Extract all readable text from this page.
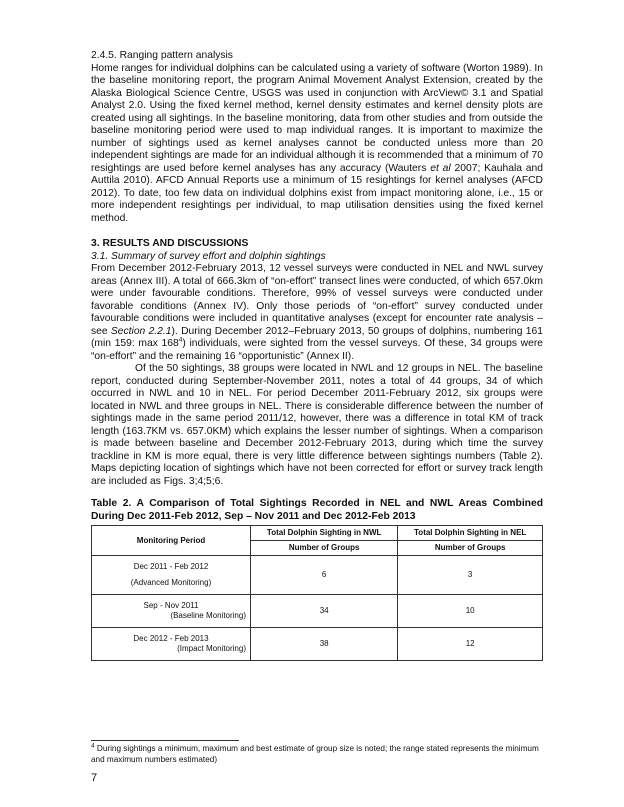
2.4.5. Ranging pattern analysis

Home ranges for individual dolphins can be calculated using a variety of software (Worton 1989). In the baseline monitoring report, the program Animal Movement Analyst Extension, created by the Alaska Biological Science Centre, USGS was used in conjunction with ArcView© 3.1 and Spatial Analyst 2.0. Using the fixed kernel method, kernel density estimates and kernel density plots are created using all sightings. In the baseline monitoring, data from other studies and from outside the baseline monitoring period were used to map individual ranges. It is important to maximize the number of sightings used as kernel analyses cannot be conducted unless more than 20 independent sightings are made for an individual although it is recommended that a minimum of 70 resightings are used before kernel analyses has any accuracy (Wauters et al 2007; Kauhala and Auttila 2010). AFCD Annual Reports use a minimum of 15 resightings for kernel analyses (AFCD 2012). To date, too few data on individual dolphins exist from impact monitoring alone, i.e., 15 or more independent resightings per individual, to map utilisation densities using the fixed kernel method.

3. RESULTS AND DISCUSSIONS

3.1. Summary of survey effort and dolphin sightings

From December 2012-February 2013, 12 vessel surveys were conducted in NEL and NWL survey areas (Annex III). A total of 666.3km of “on-effort” transect lines were conducted, of which 657.0km were under favourable conditions. Therefore, 99% of vessel surveys were conducted under favorable conditions (Annex IV). Only those periods of “on-effort” survey conducted under favourable conditions were included in quantitative analyses (except for encounter rate analysis – see Section 2.2.1). During December 2012–February 2013, 50 groups of dolphins, numbering 161 (min 159: $\max 168^4$) individuals, were sighted from the vessel surveys. Of these, 34 groups were “on-effort” and the remaining 16 “opportunistic” (Annex II).

Of the 50 sightings, 38 groups were located in NWL and 12 groups in NEL. The baseline report, conducted during September-November 2011, notes a total of 44 groups, 34 of which occurred in NWL and 10 in NEL. For period December 2011-February 2012, six groups were located in NWL and three groups in NEL. There is considerable difference between the number of sightings made in the same period 2011/12, however, there was a difference in total KM of track length (163.7KM vs. 657.0KM) which explains the lesser number of sightings. When a comparison is made between baseline and December 2012-February 2013, during which time the survey trackline in KM is more equal, there is very little difference between sightings numbers (Table 2). Maps depicting location of sightings which have not been corrected for effort or survey track length are included as Figs. 3;4;5;6.

Table 2. A Comparison of Total Sightings Recorded in NEL and NWL Areas Combined During Dec 2011-Feb 2012, Sep – Nov 2011 and Dec 2012-Feb 2013

Monitoring Period	Total Dolphin Sighting in NWL	Total Dolphin Sighting in NEL
	Number of Groups	Number of Groups

Dec 2011 - Feb 2012
(Advanced Monitoring)	6	3

Sep - Nov 2011
(Baseline Monitoring)	34	10

Dec 2012 - Feb 2013
(Impact Monitoring)	38	12
$^4$ During sightings a minimum, maximum and best estimate of group size is noted; the range stated represents the minimum and maximum numbers estimated)
7
